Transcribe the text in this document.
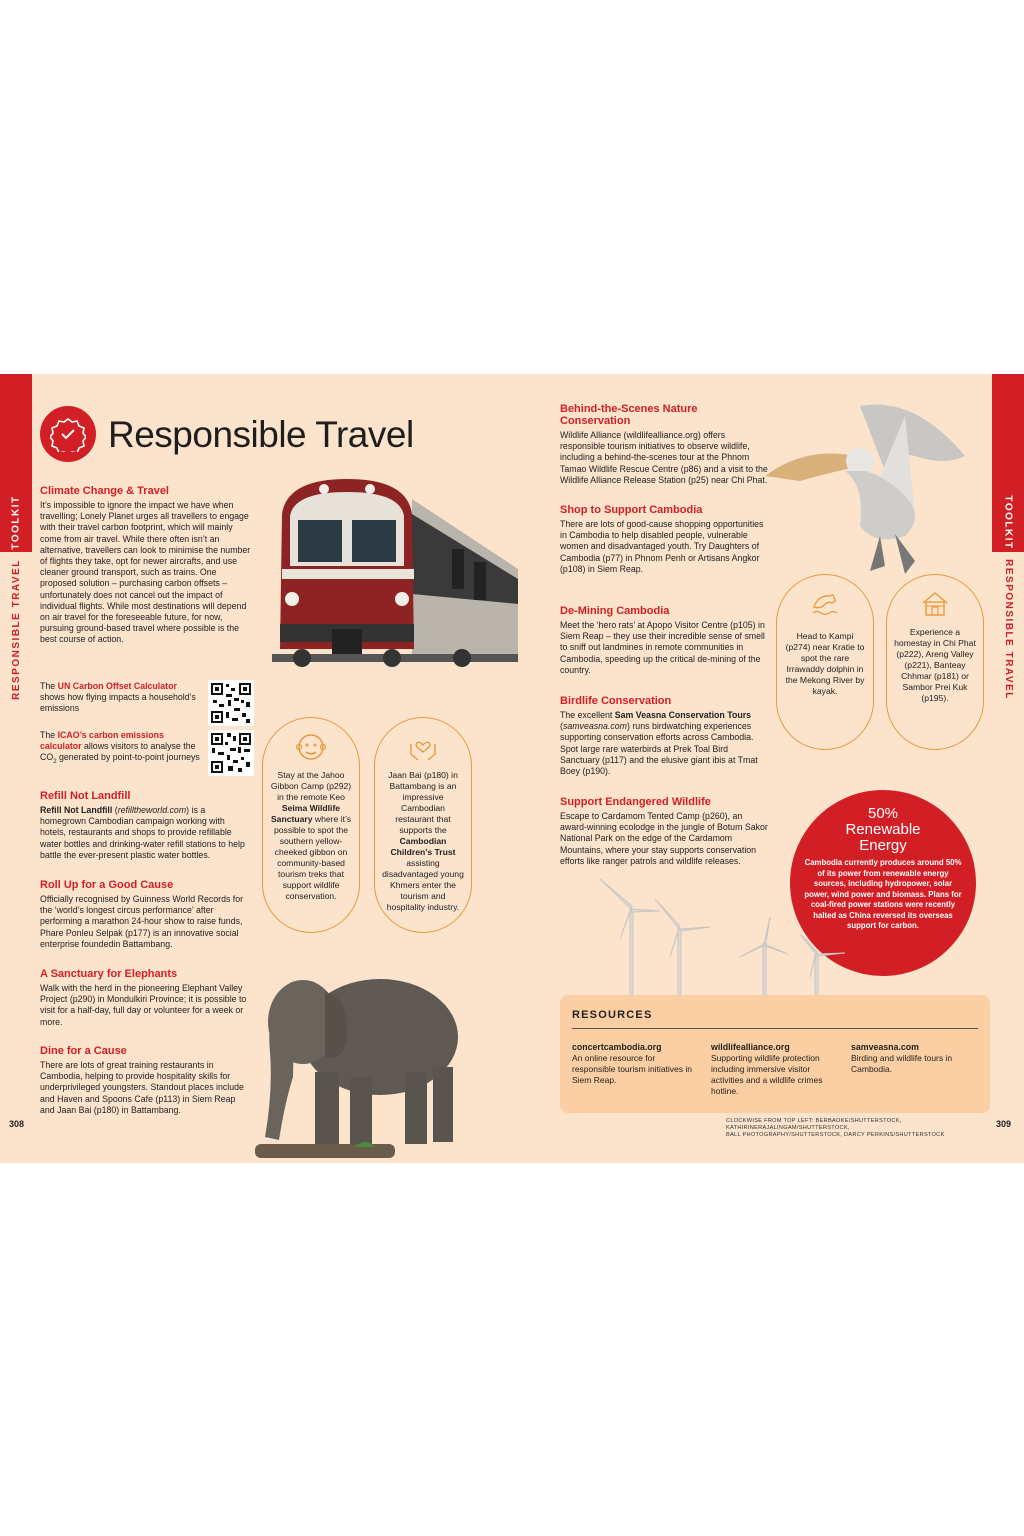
TOOLKIT
RESPONSIBLE TRAVEL
TOOLKIT
RESPONSIBLE TRAVEL
Responsible Travel

Climate Change & Travel

It’s impossible to ignore the impact we have when travelling; Lonely Planet urges all travellers to engage with their travel carbon footprint, which will mainly come from air travel. While there often isn’t an alternative, travellers can look to minimise the number of flights they take, opt for newer aircrafts, and use cleaner ground transport, such as trains. One proposed solution – purchasing carbon offsets – unfortunately does not cancel out the impact of individual flights. While most destinations will depend on air travel for the foreseeable future, for now, pursuing ground-based travel where possible is the best course of action.

The UN Carbon Offset Calculator shows how flying impacts a household’s emissions

The ICAO’s carbon emissions calculator allows visitors to analyse the $CO_2$ generated by point-to-point journeys

Refill Not Landfill

Refill Not Landfill (refilltheworld.com) is a homegrown Cambodian campaign working with hotels, restaurants and shops to provide refillable water bottles and drinking-water refill stations to help battle the ever-present plastic water bottles.

Roll Up for a Good Cause

Officially recognised by Guinness World Records for the ‘world’s longest circus performance’ after performing a marathon 24-hour show to raise funds, Phare Ponleu Selpak (p177) is an innovative social enterprise foundedin Battambang.

A Sanctuary for Elephants

Walk with the herd in the pioneering Elephant Valley Project (p290) in Mondulkiri Province; it is possible to visit for a half-day, full day or volunteer for a week or more.

Dine for a Cause

There are lots of great training restaurants in Cambodia, helping to provide hospitality skills for underprivileged youngsters. Standout places include and Haven and Spoons Cafe (p113) in Siem Reap and Jaan Bai (p180) in Battambang.

Stay at the Jahoo Gibbon Camp (p292) in the remote Keo Seima Wildlife Sanctuary where it’s possible to spot the southern yellow-cheeked gibbon on community-based tourism treks that support wildlife conservation.
Jaan Bai (p180) in Battambang is an impressive Cambodian restaurant that supports the Cambodian Children’s Trust assisting disadvantaged young Khmers enter the tourism and hospitality industry.

Behind-the-Scenes Nature Conservation

Wildlife Alliance (wildlifealliance.org) offers responsible tourism initiatives to observe wildlife, including a behind-the-scenes tour at the Phnom Tamao Wildlife Rescue Centre (p86) and a visit to the Wildlife Alliance Release Station (p25) near Chi Phat.

Shop to Support Cambodia

There are lots of good-cause shopping opportunities in Cambodia to help disabled people, vulnerable women and disadvantaged youth. Try Daughters of Cambodia (p77) in Phnom Penh or Artisans Angkor (p108) in Siem Reap.

De-Mining Cambodia

Meet the ‘hero rats’ at Apopo Visitor Centre (p105) in Siem Reap – they use their incredible sense of smell to sniff out landmines in remote communities in Cambodia, speeding up the critical de-mining of the country.

Birdlife Conservation

The excellent Sam Veasna Conservation Tours (samveasna.com) runs birdwatching experiences supporting conservation efforts across Cambodia. Spot large rare waterbirds at Prek Toal Bird Sanctuary (p117) and the elusive giant ibis at Tmat Boey (p190).

Support Endangered Wildlife

Escape to Cardamom Tented Camp (p260), an award-winning ecolodge in the jungle of Botum Sakor National Park on the edge of the Cardamom Mountains, where your stay supports conservation efforts like ranger patrols and wildlife releases.

Head to Kampi (p274) near Kratie to spot the rare Irrawaddy dolphin in the Mekong River by kayak.
Experience a homestay in Chi Phat (p222), Areng Valley (p221), Banteay Chhmar (p181) or Sambor Prei Kuk (p195).
50%
Renewable
Energy
Cambodia currently produces around 50% of its power from renewable energy sources, including hydropower, solar power, wind power and biomass. Plans for coal-fired power stations were recently halted as China reversed its overseas support for carbon.
RESOURCES
concertcambodia.org
An online resource for responsible tourism initiatives in Siem Reap.
wildlifealliance.org
Supporting wildlife protection including immersive visitor activities and a wildlife crimes hotline.
samveasna.com
Birding and wildlife tours in Cambodia.
308	309
CLOCKWISE FROM TOP LEFT: BERBAOKE/SHUTTERSTOCK, KATHIRINERAJALINGAM/SHUTTERSTOCK,
BALL PHOTOGRAPHY/SHUTTERSTOCK, DARCY PERKINS/SHUTTERSTOCK
